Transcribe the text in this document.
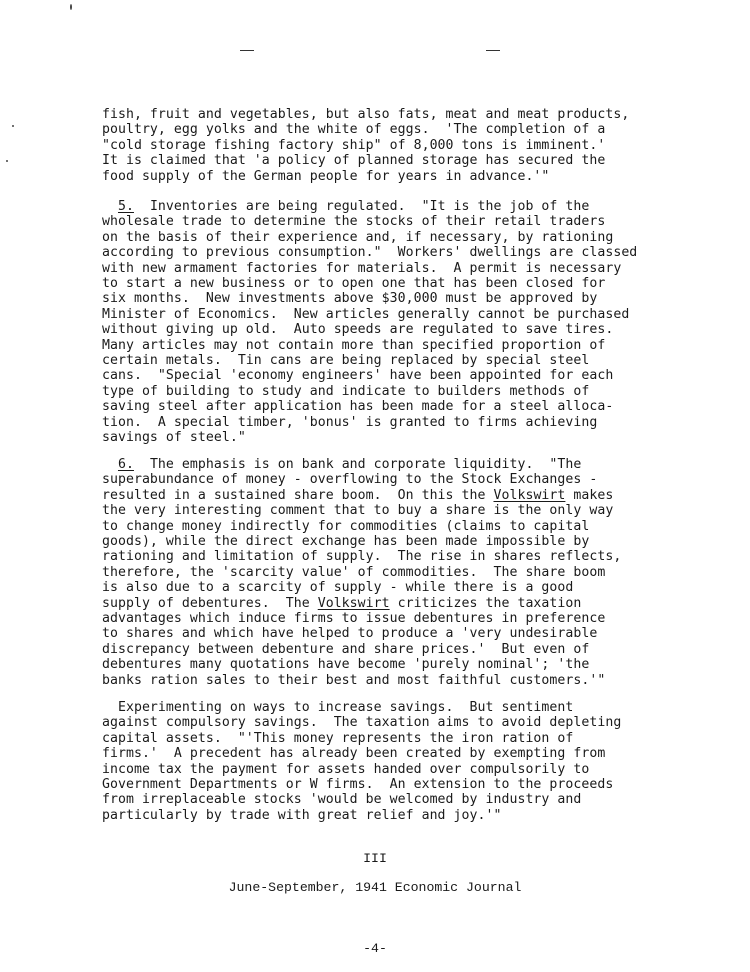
fish, fruit and vegetables, but also fats, meat and meat products,
poultry, egg yolks and the white of eggs.  'The completion of a
"cold storage fishing factory ship" of 8,000 tons is imminent.'
It is claimed that 'a policy of planned storage has secured the
food supply of the German people for years in advance.'"
5.  Inventories are being regulated.  "It is the job of the
wholesale trade to determine the stocks of their retail traders
on the basis of their experience and, if necessary, by rationing
according to previous consumption."  Workers' dwellings are classed
with new armament factories for materials.  A permit is necessary
to start a new business or to open one that has been closed for
six months.  New investments above $30,000 must be approved by
Minister of Economics.  New articles generally cannot be purchased
without giving up old.  Auto speeds are regulated to save tires.
Many articles may not contain more than specified proportion of
certain metals.  Tin cans are being replaced by special steel
cans.  "Special 'economy engineers' have been appointed for each
type of building to study and indicate to builders methods of
saving steel after application has been made for a steel alloca-
tion.  A special timber, 'bonus' is granted to firms achieving
savings of steel."
6.  The emphasis is on bank and corporate liquidity.  "The
superabundance of money - overflowing to the Stock Exchanges -
resulted in a sustained share boom.  On this the Volkswirt makes
the very interesting comment that to buy a share is the only way
to change money indirectly for commodities (claims to capital
goods), while the direct exchange has been made impossible by
rationing and limitation of supply.  The rise in shares reflects,
therefore, the 'scarcity value' of commodities.  The share boom
is also due to a scarcity of supply - while there is a good
supply of debentures.  The Volkswirt criticizes the taxation
advantages which induce firms to issue debentures in preference
to shares and which have helped to produce a 'very undesirable
discrepancy between debenture and share prices.'  But even of
debentures many quotations have become 'purely nominal'; 'the
banks ration sales to their best and most faithful customers.'"
Experimenting on ways to increase savings.  But sentiment
against compulsory savings.  The taxation aims to avoid depleting
capital assets.  "'This money represents the iron ration of
firms.'  A precedent has already been created by exempting from
income tax the payment for assets handed over compulsorily to
Government Departments or W firms.  An extension to the proceeds
from irreplaceable stocks 'would be welcomed by industry and
particularly by trade with great relief and joy.'"

III

June-September, 1941 Economic Journal

-4-
